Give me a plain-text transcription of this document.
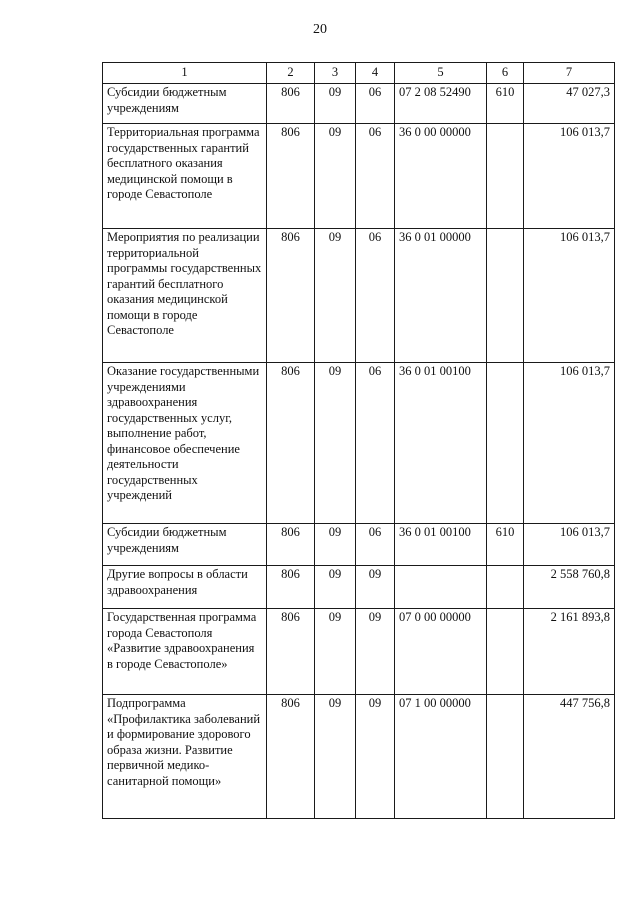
20
1	2	3	4	5	6	7
Субсидии бюджетным учреждениям	806	09	06	07 2 08 52490	610	47 027,3
Территориальная программа государственных гарантий бесплатного оказания медицинской помощи в городе Севастополе	806	09	06	36 0 00 00000		106 013,7
Мероприятия по реализации территориальной программы государственных гарантий бесплатного оказания медицинской помощи в городе Севастополе	806	09	06	36 0 01 00000		106 013,7
Оказание государственными учреждениями здравоохранения государственных услуг, выполнение работ, финансовое обеспечение деятельности государственных учреждений	806	09	06	36 0 01 00100		106 013,7
Субсидии бюджетным учреждениям	806	09	06	36 0 01 00100	610	106 013,7
Другие вопросы в области здравоохранения	806	09	09			2 558 760,8
Государственная программа города Севастополя «Развитие здравоохранения в городе Севастополе»	806	09	09	07 0 00 00000		2 161 893,8
Подпрограмма «Профилактика заболеваний и формирование здорового образа жизни. Развитие первичной медико-санитарной помощи»	806	09	09	07 1 00 00000		447 756,8
